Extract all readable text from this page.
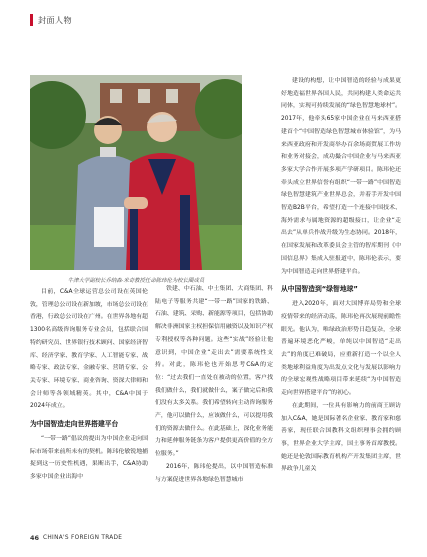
封面人物
牛津大学副校长乔纳森·米奇教授任命陈玮伦为校长圈成员

目前，C&A全球运营总公司设在英国伦敦，管理总公司设在新加坡，市场总公司设在香港，行政总公司设在广州。在世界各地有超1300名高级咨询服务专业会员，包括联合国特约研究员、世界银行技术顾问、国家经济智库、经济学家、教育学家、人工智能专家、战略专家、政法专家、金融专家、营销专家、公关专家、环境专家、商业咨询、资深大律师和会计师等各领域精英。其中，C&A中国于2024年成立。

为中国智造走向世界搭建平台

“一带一路”倡议的提出为中国企业走向国际市场带来前所未有的契机。陈玮伦敏锐地捕捉到这一历史性机遇，果断出手，C&A协助多家中国企业出海中

铁建、中石油、中土集团、大商集团、科陆电子等服务共建“一带一路”国家的铁路、石油、建筑、采购、新能源等项目，包括协助解决非洲国家主权担保信用融资以及知识产权专利授权等各种问题。这些“实战”经验让他意识到，中国企业“走出去”需要系统性支持。对此，陈玮伦也开始思考C&A的定位：“过去我们一直处在被动的位置，客户找我们做什么，我们就做什么，案子做完后和我们没有太多关系。我们希望转向主动咨询服务产，他可以做什么，应该做什么，可以提用我们的资源去做什么。在此基础上，深化业务能力和延伸服务链条为客户提供更高价值的全方位服务。”

2016年，陈玮伦提出，以中国智造标准与方案促进世界各地绿色智慧城市

建设的构想，让中国智造的经验与成果更好地造福世界各国人民，共同构建人类命运共同体，实现可持续发展的“绿色智慧地球村”。2017年，他牵头65家中国企业在马来西亚搭建首个“中国智造绿色智慧城市体验馆”，为马来西亚政府和开发商举办百余场商贸展工作坊和业务对接会，成功撮合中国企业与马来西亚多家大学合作开展多项产学研项目。陈玮伦还牵头成立世界信誉有组织“一带一路”中国智造绿色智慧建筑产业世界总会，并着手开发中国智造B2B平台，希望打造一个连接中国技术、海外需求与属地资源的超级接口，让企业“走出去”从单兵作战升级为生态协同。2018年，在国家发展和改革委员会主管的智库期刊《中国信息界》集成入驻报道中，陈玮伦表示，要为中国智造走向世界搭建平台。

从中国智造到“绿智地球”

进入2020年，面对大国博弈局势和全球疫情带来的经济动荡，陈玮伦再次展现前瞻性眼光。他认为，唯绿政治形势日趋复杂，全球普遍环境恶化严峻，单纯以中国智造“走出去”的角度已难破局，应重新打造一个以全人类地球利益角度为出发点文化与发展以影响力的全球宏观性战略项目带来延续“为中国智造走向世界搭建平台”的初心。

在此期间，一位具有影响力的前商王顾访加入C&A，她是国际著名企业家、教育家和慈善家，现任联合国教科文组织理事会拥约顾事，世界企业大学主席，国土事务首席教授。她还是伦敦国际教育机构产开发集团主席，世界政争儿童关

46 CHINA'S FOREIGN TRADE
